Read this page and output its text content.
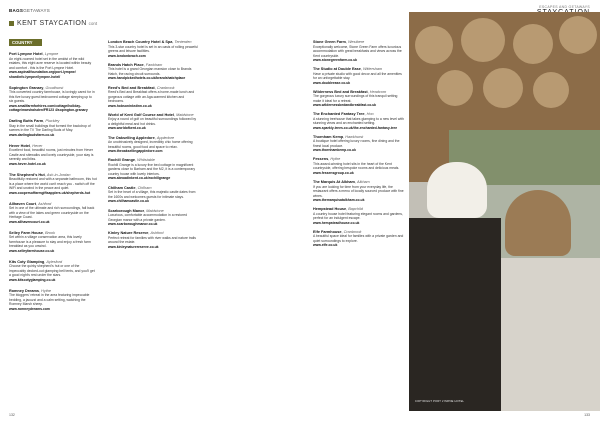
BAGSGETAWAYS
KENT STAYCATION cont
ESCAPES AND GETAWAYS
COUNTRY
Port Lympne Hotel, Lympne
An eight-roomed hotel set in the amidst of the wild estates, this eight acre reserve is located within beauty and comfort - this is the Port Lympne Hotel.
www.aspinallfoundation.org/port-lympne/ shardinfo.lympne/lympne-hotel/
Sopington Granary, Goudhurst
This converted country farmhouse, is lovingly cared for in this five luxury guest bedroomed cottage sleeping up to six guests.
www.smallfarmforhires.com/cottage/holiday-cottage/marshalsden/FR123 4/sopington-granary
Darling Butts Farm, Pluckley
Stay in the small buildings that formed the backdrop of scenes in the TV The Darling Buds of May.
www.darlingbudsfarm.co.uk
Hever Hotel, Hever
Excellent food, beautiful rooms, just minutes from Hever Castle and sitewalks and lovely countryside, your stay is serenity and bliss.
www.hever-hotel.co.uk
The Shepherd's Hut, Ash-in-Jordan
Beautifully restored and with a separate bathroom, this hut is a place where the world can't reach you - switch off the WiFi and unwind in the peace and quiet.
www.coopersoffarmgiftsapplers.uk/shepherds-hut
Allhaven Court, Ashford
Set in one of the ultimate and rich surroundings, fall back with a view of the lakes and green countryside on the Heritage Coast.
www.allhavencourt.co.uk
Selley Farm House, Brook
Set within a village conservation area, this lovely farmhouse is a pleasure to stay and enjoy a fresh farm breakfast as you unwind.
www.selleyfarmhouse.co.uk
Kits Coty Glamping, Aylesford
Choose the quirky shepherd's hut or one of the impeccably decked-out glamping bell tents, and you'll get a good night's rest under the stars.
www.kitscotyglamping.co.uk
Romney Dreams, Hythe
The bloggers' retreat in the area featuring impeccable bedding, a jacuzzi and a calm setting, watching the Romney Marsh sheep.
www.romneydreams.com
London Beach Country Hotel & Spa, Tenterden
This 3-star country hotel is set in an oasis of rolling peaceful greens and leisure facilities.
www.londonbeach.com
Brands Hatch Place, Fawkham
This hotel is a grand Georgian mansion close to Brands Hatch, the racing circuit surrounds.
www.handpickedhotels.co.uk/brandshatchplace
Reed's Bed and Breakfast, Cranbrook
Reed's Bed and Breakfast offers a home-made lunch and gorgeous cottage with an Aga-warmed kitchen and bedrooms.
www.hobsoninkstinn.co.uk
World of Kent Golf Course and Hotel, Maidstone
Enjoy a round of golf on beautiful surroundings followed by a delightful meal and hot drinks.
www.worldofkent.co.uk
The Oakselling Appledore, Appledore
An unobtrusively designed, incredibly chic home offering beautiful rooms, good food and space to relax.
www.theoaksellingappledore.com
Rochill Grange, Whitstable
Rochill Grange is a luxury five bed cottage in magnificent gardens close to Barham and the M2, it is a contemporary country house with lovely interiors.
www.abroadinkent.co.uk/rochillgrange
Chilham Castle, Chilham
Set in the heart of a village, this majestic castle dates from the 1600s and welcomes guests for intimate stays.
www.chilhamcastle.co.uk
Scarborough Manor, Maidstone
Luxurious, comfortable accommodation in a restored Georgian manor with a private garden.
www.scarboroughmanor.co.uk
Kinley Nature Reserve, Ashford
Perfect retreat for families with river walks and nature trails around the estate.
www.kinleynaturereserve.co.uk
Stone Green Farm, Westbere
Exceptionally welcome, Stone Green Farm offers luxurious accommodation with great breakfasts and views across the Kent countryside.
www.stonegreenfarm.co.uk
The Studio at Double Ease, Wittersham
Have a private studio with good decor and all the amenities for an unforgettable stay.
www.doubleease.co.uk
Wilderness Bed and Breakfast, Headcorn
The gorgeous luxury surroundings of this tranquil setting make it ideal for a retreat.
www.wildernessbedandbreakfast.co.uk
The Enchanted Fantasy Tree, Hoo
A stunning treehouse that takes glamping to a new level with stunning views and an enchanted setting.
www.sparkly-trees.co.uk/the-enchanted-fantasy-tree
Thornham Kemp, Hawkhurst
A boutique hotel offering luxury rooms, fine dining and the finest local produce.
www.thornhamkemp.co.uk
Fessens, Hythe
This award-winning hotel sits in the heart of the Kent countryside, offering bespoke rooms and delicious meals.
www.fessensgroup.co.uk
The Marquis At Alkham, Alkham
If you are looking for time from your everyday life, the restaurant offers a menu of locally sourced produce with fine wines.
www.themarquisatalkham.co.uk
Hempstead House, Bapchild
A country house hotel featuring elegant rooms and gardens, perfect for an indulgent escape.
www.hempsteadhouse.co.uk
Elfe Farmhouse, Cranbrook
A beautiful space ideal for families with a private garden and quiet surroundings to explore.
www.elfe.co.uk
COPYRIGHT PORT LYMPNE HOTEL
132	133
